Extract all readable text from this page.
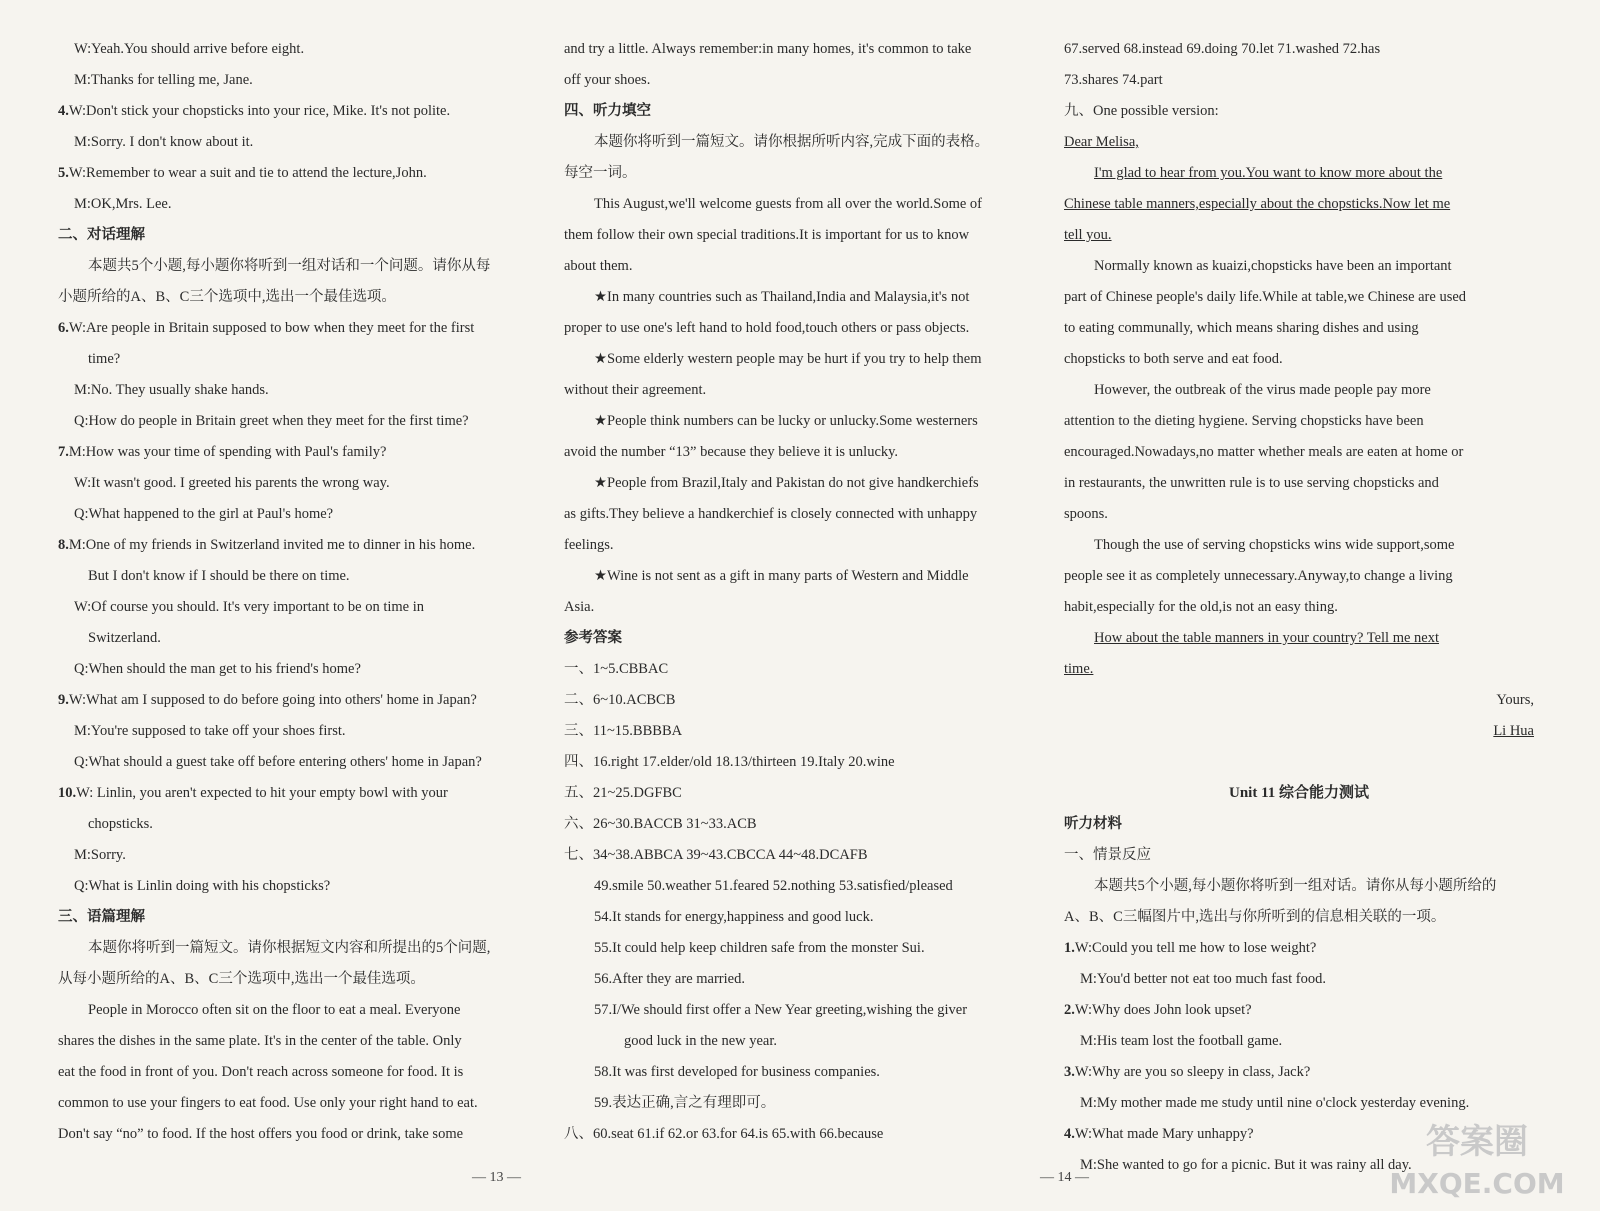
W:Yeah.You should arrive before eight.
M:Thanks for telling me, Jane.
4.W:Don't stick your chopsticks into your rice, Mike. It's not polite.
M:Sorry. I don't know about it.
5.W:Remember to wear a suit and tie to attend the lecture,John.
M:OK,Mrs. Lee.
二、对话理解
本题共5个小题,每小题你将听到一组对话和一个问题。请你从每
小题所给的A、B、C三个选项中,选出一个最佳选项。
6.W:Are people in Britain supposed to bow when they meet for the first
time?
M:No. They usually shake hands.
Q:How do people in Britain greet when they meet for the first time?
7.M:How was your time of spending with Paul's family?
W:It wasn't good. I greeted his parents the wrong way.
Q:What happened to the girl at Paul's home?
8.M:One of my friends in Switzerland invited me to dinner in his home.
But I don't know if I should be there on time.
W:Of course you should. It's very important to be on time in
Switzerland.
Q:When should the man get to his friend's home?
9.W:What am I supposed to do before going into others' home in Japan?
M:You're supposed to take off your shoes first.
Q:What should a guest take off before entering others' home in Japan?
10.W: Linlin, you aren't expected to hit your empty bowl with your
chopsticks.
M:Sorry.
Q:What is Linlin doing with his chopsticks?
三、语篇理解
本题你将听到一篇短文。请你根据短文内容和所提出的5个问题,
从每小题所给的A、B、C三个选项中,选出一个最佳选项。
People in Morocco often sit on the floor to eat a meal. Everyone
shares the dishes in the same plate. It's in the center of the table. Only
eat the food in front of you. Don't reach across someone for food. It is
common to use your fingers to eat food. Use only your right hand to eat.
Don't say “no” to food. If the host offers you food or drink, take some
and try a little. Always remember:in many homes, it's common to take
off your shoes.
四、听力填空
本题你将听到一篇短文。请你根据所听内容,完成下面的表格。
每空一词。
This August,we'll welcome guests from all over the world.Some of
them follow their own special traditions.It is important for us to know
about them.
★In many countries such as Thailand,India and Malaysia,it's not
proper to use one's left hand to hold food,touch others or pass objects.
★Some elderly western people may be hurt if you try to help them
without their agreement.
★People think numbers can be lucky or unlucky.Some westerners
avoid the number “13” because they believe it is unlucky.
★People from Brazil,Italy and Pakistan do not give handkerchiefs
as gifts.They believe a handkerchief is closely connected with unhappy
feelings.
★Wine is not sent as a gift in many parts of Western and Middle
Asia.
参考答案
一、1~5.CBBAC
二、6~10.ACBCB
三、11~15.BBBBA
四、16.right 17.elder/old 18.13/thirteen 19.Italy 20.wine
五、21~25.DGFBC
六、26~30.BACCB 31~33.ACB
七、34~38.ABBCA 39~43.CBCCA 44~48.DCAFB
49.smile 50.weather 51.feared 52.nothing 53.satisfied/pleased
54.It stands for energy,happiness and good luck.
55.It could help keep children safe from the monster Sui.
56.After they are married.
57.I/We should first offer a New Year greeting,wishing the giver
good luck in the new year.
58.It was first developed for business companies.
59.表达正确,言之有理即可。
八、60.seat 61.if 62.or 63.for 64.is 65.with 66.because
67.served 68.instead 69.doing 70.let 71.washed 72.has
73.shares 74.part
九、One possible version:
Dear Melisa,
I'm glad to hear from you.You want to know more about the
Chinese table manners,especially about the chopsticks.Now let me
tell you.
Normally known as kuaizi,chopsticks have been an important
part of Chinese people's daily life.While at table,we Chinese are used
to eating communally, which means sharing dishes and using
chopsticks to both serve and eat food.
However, the outbreak of the virus made people pay more
attention to the dieting hygiene. Serving chopsticks have been
encouraged.Nowadays,no matter whether meals are eaten at home or
in restaurants, the unwritten rule is to use serving chopsticks and
spoons.
Though the use of serving chopsticks wins wide support,some
people see it as completely unnecessary.Anyway,to change a living
habit,especially for the old,is not an easy thing.
How about the table manners in your country? Tell me next
time.
Yours,
Li Hua

Unit 11 综合能力测试
听力材料
一、情景反应
本题共5个小题,每小题你将听到一组对话。请你从每小题所给的
A、B、C三幅图片中,选出与你所听到的信息相关联的一项。
1.W:Could you tell me how to lose weight?
M:You'd better not eat too much fast food.
2.W:Why does John look upset?
M:His team lost the football game.
3.W:Why are you so sleepy in class, Jack?
M:My mother made me study until nine o'clock yesterday evening.
4.W:What made Mary unhappy?
M:She wanted to go for a picnic. But it was rainy all day.
— 13 —	— 14 —
答案圈
MXQE.COM
